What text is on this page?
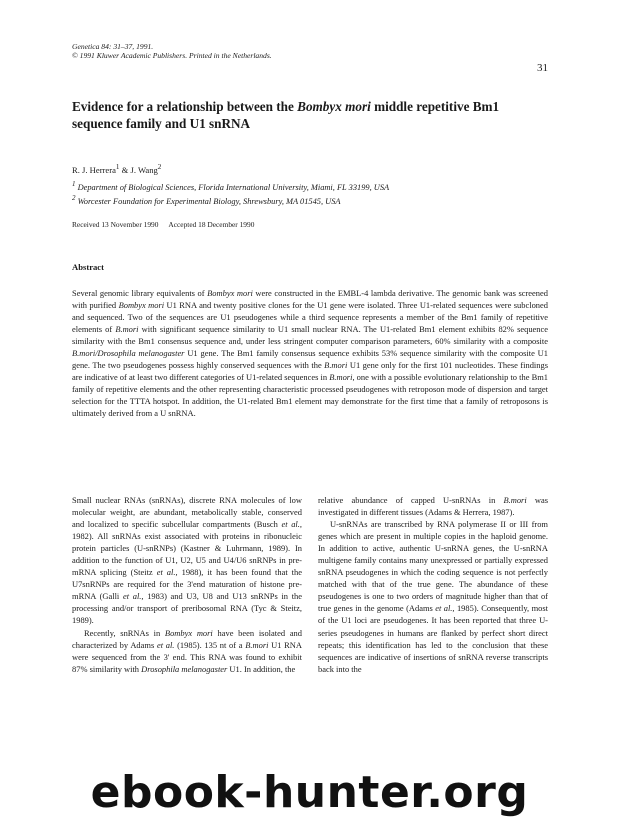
Genetica 84: 31–37, 1991.
© 1991 Kluwer Academic Publishers. Printed in the Netherlands.
31
Evidence for a relationship between the Bombyx mori middle repetitive Bm1 sequence family and U1 snRNA
R. J. Herrera$^1$ & J. Wang$^2$
$^1$ Department of Biological Sciences, Florida International University, Miami, FL 33199, USA
$^2$ Worcester Foundation for Experimental Biology, Shrewsbury, MA 01545, USA
Received 13 November 1990 Accepted 18 December 1990
Abstract
Several genomic library equivalents of Bombyx mori were constructed in the EMBL-4 lambda derivative. The genomic bank was screened with purified Bombyx mori U1 RNA and twenty positive clones for the U1 gene were isolated. Three U1-related sequences were subcloned and sequenced. Two of the sequences are U1 pseudogenes while a third sequence represents a member of the Bm1 family of repetitive elements of B.mori with significant sequence similarity to U1 small nuclear RNA. The U1-related Bm1 element exhibits 82% sequence similarity with the Bm1 consensus sequence and, under less stringent computer comparison parameters, 60% similarity with a composite B.mori/Drosophila melanogaster U1 gene. The Bm1 family consensus sequence exhibits 53% sequence similarity with the composite U1 gene. The two pseudogenes possess highly conserved sequences with the B.mori U1 gene only for the first 101 nucleotides. These findings are indicative of at least two different categories of U1-related sequences in B.mori, one with a possible evolutionary relationship to the Bm1 family of repetitive elements and the other representing characteristic processed pseudogenes with retroposon mode of dispersion and target selection for the TTTA hotspot. In addition, the U1-related Bm1 element may demonstrate for the first time that a family of retroposons is ultimately derived from a U snRNA.

Small nuclear RNAs (snRNAs), discrete RNA molecules of low molecular weight, are abundant, metabolically stable, conserved and localized to specific subcellular compartments (Busch et al., 1982). All snRNAs exist associated with proteins in ribonucleic protein particles (U-snRNPs) (Kastner & Luhrmann, 1989). In addition to the function of U1, U2, U5 and U4/U6 snRNPs in pre-mRNA splicing (Steitz et al., 1988), it has been found that the U7snRNPs are required for the 3'end maturation of histone pre-mRNA (Galli et al., 1983) and U3, U8 and U13 snRNPs in the processing and/or transport of preribosomal RNA (Tyc & Steitz, 1989).

Recently, snRNAs in Bombyx mori have been isolated and characterized by Adams et al. (1985). 135 nt of a B.mori U1 RNA were sequenced from the 3' end. This RNA was found to exhibit 87% similarity with Drosophila melanogaster U1. In addition, the

relative abundance of capped U-snRNAs in B.mori was investigated in different tissues (Adams & Herrera, 1987).

U-snRNAs are transcribed by RNA polymerase II or III from genes which are present in multiple copies in the haploid genome. In addition to active, authentic U-snRNA genes, the U-snRNA multigene family contains many unexpressed or partially expressed snRNA pseudogenes in which the coding sequence is not perfectly matched with that of the true gene. The abundance of these pseudogenes is one to two orders of magnitude higher than that of true genes in the genome (Adams et al., 1985). Consequently, most of the U1 loci are pseudogenes. It has been reported that three U-series pseudogenes in humans are flanked by perfect short direct repeats; this identification has led to the conclusion that these sequences are indicative of insertions of snRNA reverse transcripts back into the

ebook-hunter.org
